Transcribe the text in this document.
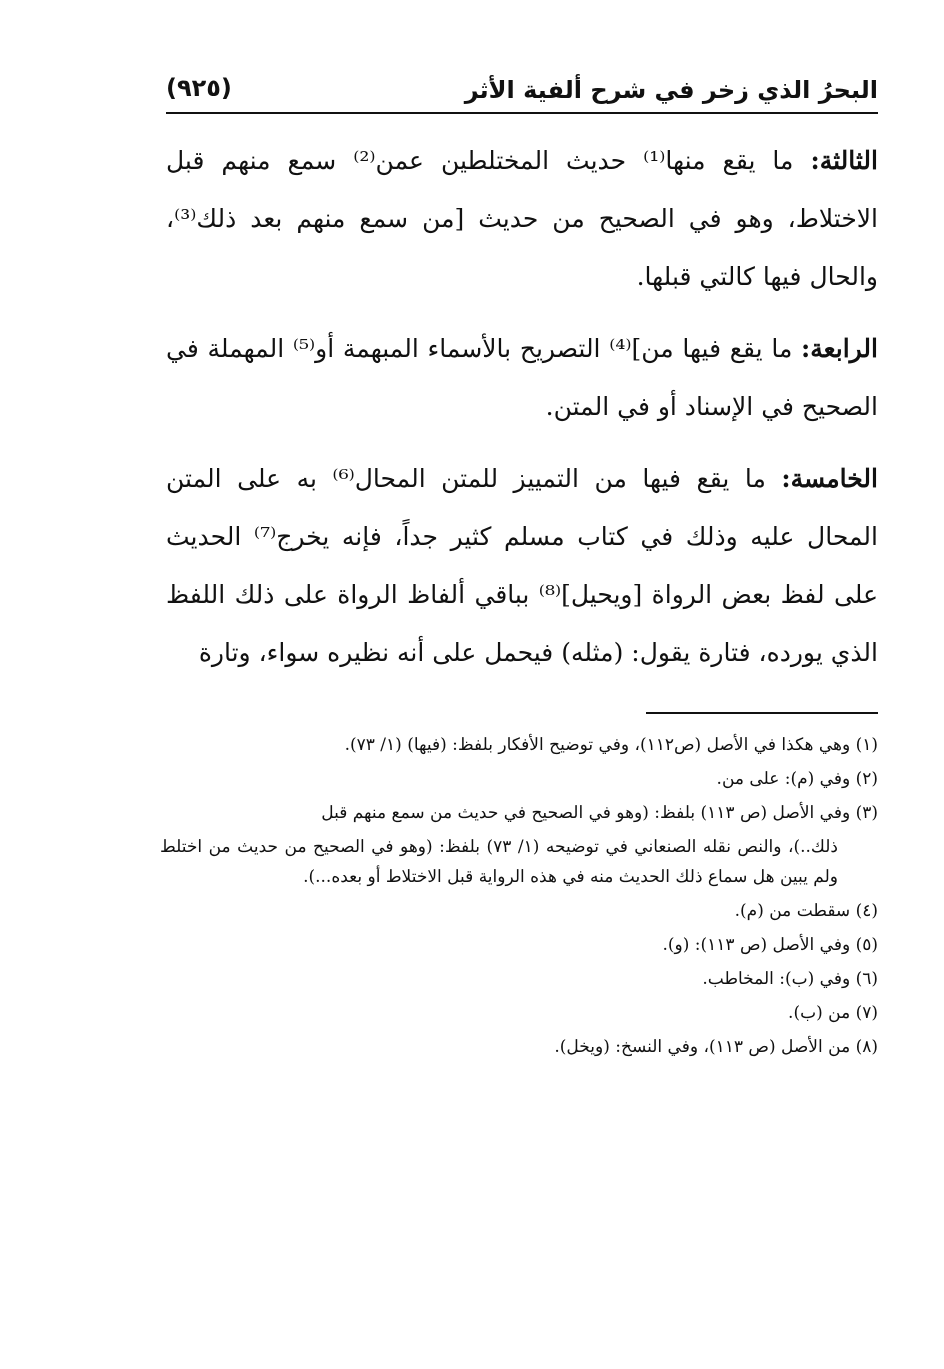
البحرُ الذي زخر في شرح ألفية الأثر
(٩٢٥)

الثالثة: ما يقع منها⁽¹⁾ حديث المختلطين عمن⁽²⁾ سمع منهم قبل الاختلاط، وهو في الصحيح من حديث [من سمع منهم بعد ذلك⁽³⁾، والحال فيها كالتي قبلها.

الرابعة: ما يقع فيها من]⁽⁴⁾ التصريح بالأسماء المبهمة أو⁽⁵⁾ المهملة في الصحيح في الإسناد أو في المتن.

الخامسة: ما يقع فيها من التمييز للمتن المحال⁽⁶⁾ به على المتن المحال عليه وذلك في كتاب مسلم كثير جداً، فإنه يخرج⁽⁷⁾ الحديث على لفظ بعض الرواة [ويحيل]⁽⁸⁾ بباقي ألفاظ الرواة على ذلك اللفظ الذي يورده، فتارة يقول: (مثله) فيحمل على أنه نظيره سواء، وتارة

(١) وهي هكذا في الأصل (ص١١٢)، وفي توضيح الأفكار بلفظ: (فيها) (١/ ٧٣).

(٢) وفي (م): على من.

(٣) وفي الأصل (ص ١١٣) بلفظ: (وهو في الصحيح في حديث من سمع منهم قبل

ذلك..)، والنص نقله الصنعاني في توضيحه (١/ ٧٣) بلفظ: (وهو في الصحيح من حديث من اختلط ولم يبين هل سماع ذلك الحديث منه في هذه الرواية قبل الاختلاط أو بعده...).

(٤) سقطت من (م).

(٥) وفي الأصل (ص ١١٣): (و).

(٦) وفي (ب): المخاطب.

(٧) من (ب).

(٨) من الأصل (ص ١١٣)، وفي النسخ: (ويخل).
